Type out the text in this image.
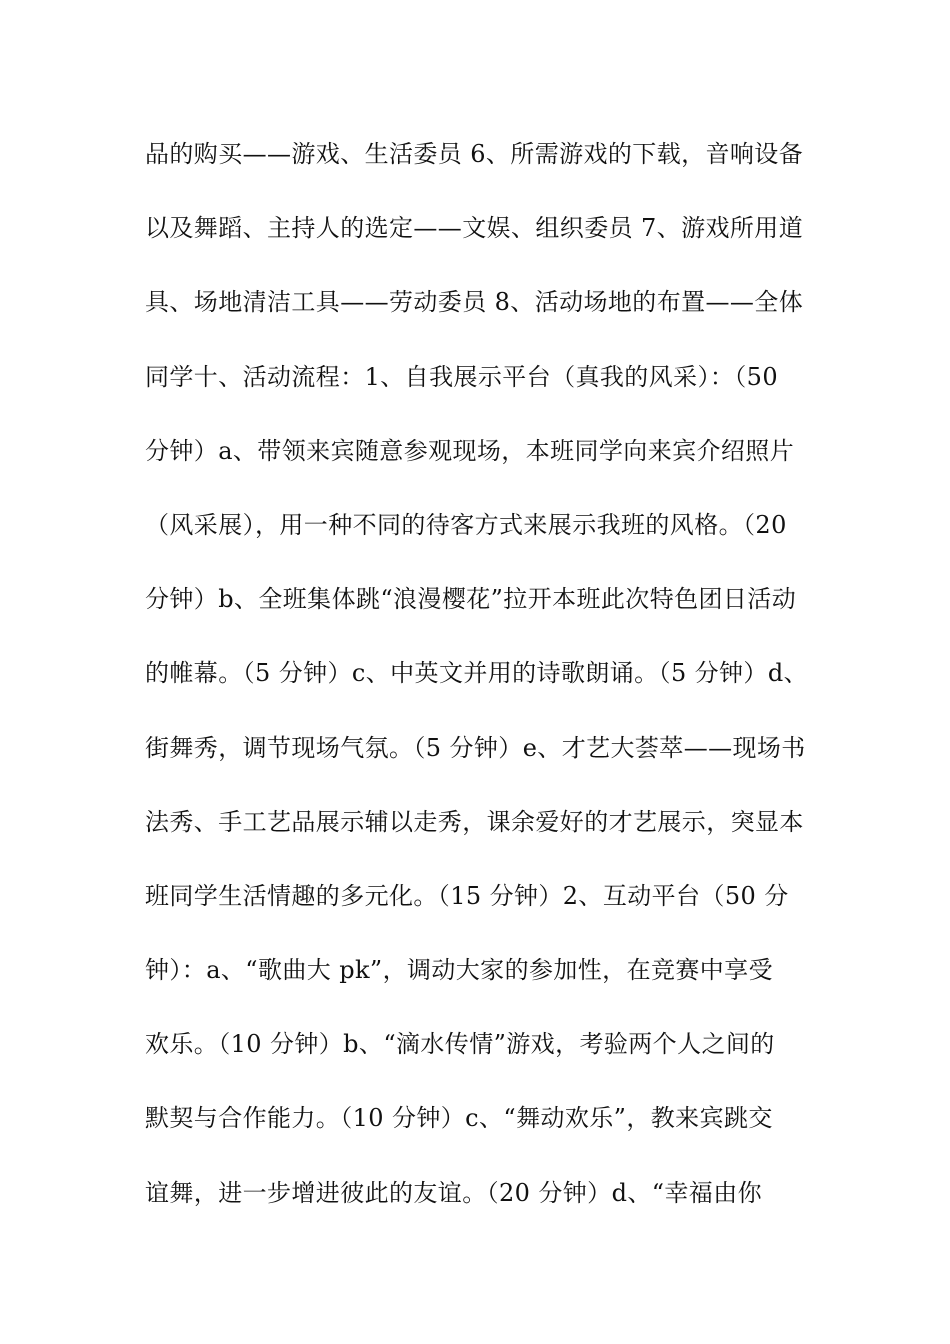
品的购买——游戏、生活委员 6、所需游戏的下载，音响设备
以及舞蹈、主持人的选定——文娱、组织委员 7、游戏所用道
具、场地清洁工具——劳动委员 8、活动场地的布置——全体
同学十、活动流程：1、自我展示平台（真我的风采）：（50
分钟）a、带领来宾随意参观现场，本班同学向来宾介绍照片
（风采展），用一种不同的待客方式来展示我班的风格。（20
分钟）b、全班集体跳“浪漫樱花”拉开本班此次特色团日活动
的帷幕。（5 分钟）c、中英文并用的诗歌朗诵。（5 分钟）d、
街舞秀，调节现场气氛。（5 分钟）e、才艺大荟萃——现场书
法秀、手工艺品展示辅以走秀，课余爱好的才艺展示，突显本
班同学生活情趣的多元化。（15 分钟）2、互动平台（50 分
钟）：a、“歌曲大 pk”，调动大家的参加性，在竞赛中享受
欢乐。（10 分钟）b、“滴水传情”游戏，考验两个人之间的
默契与合作能力。（10 分钟）c、“舞动欢乐”，教来宾跳交
谊舞，进一步增进彼此的友谊。（20 分钟）d、“幸福由你
